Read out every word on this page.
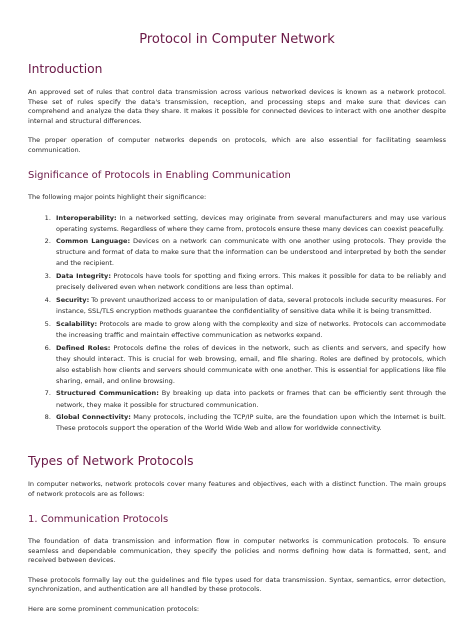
Protocol in Computer Network
Introduction

An approved set of rules that control data transmission across various networked devices is known as a network protocol. These set of rules specify the data's transmission, reception, and processing steps and make sure that devices can comprehend and analyze the data they share. It makes it possible for connected devices to interact with one another despite internal and structural differences.

The proper operation of computer networks depends on protocols, which are also essential for facilitating seamless communication.

Significance of Protocols in Enabling Communication

The following major points highlight their significance:

1. Interoperability: In a networked setting, devices may originate from several manufacturers and may use various operating systems. Regardless of where they came from, protocols ensure these many devices can coexist peacefully.
2. Common Language: Devices on a network can communicate with one another using protocols. They provide the structure and format of data to make sure that the information can be understood and interpreted by both the sender and the recipient.
3. Data Integrity: Protocols have tools for spotting and fixing errors. This makes it possible for data to be reliably and precisely delivered even when network conditions are less than optimal.
4. Security: To prevent unauthorized access to or manipulation of data, several protocols include security measures. For instance, SSL/TLS encryption methods guarantee the confidentiality of sensitive data while it is being transmitted.
5. Scalability: Protocols are made to grow along with the complexity and size of networks. Protocols can accommodate the increasing traffic and maintain effective communication as networks expand.
6. Defined Roles: Protocols define the roles of devices in the network, such as clients and servers, and specify how they should interact. This is crucial for web browsing, email, and file sharing. Roles are defined by protocols, which also establish how clients and servers should communicate with one another. This is essential for applications like file sharing, email, and online browsing.
7. Structured Communication: By breaking up data into packets or frames that can be efficiently sent through the network, they make it possible for structured communication.
8. Global Connectivity: Many protocols, including the TCP/IP suite, are the foundation upon which the Internet is built. These protocols support the operation of the World Wide Web and allow for worldwide connectivity.
Types of Network Protocols

In computer networks, network protocols cover many features and objectives, each with a distinct function. The main groups of network protocols are as follows:

1. Communication Protocols

The foundation of data transmission and information flow in computer networks is communication protocols. To ensure seamless and dependable communication, they specify the policies and norms defining how data is formatted, sent, and received between devices.

These protocols formally lay out the guidelines and file types used for data transmission. Syntax, semantics, error detection, synchronization, and authentication are all handled by these protocols.

Here are some prominent communication protocols:
